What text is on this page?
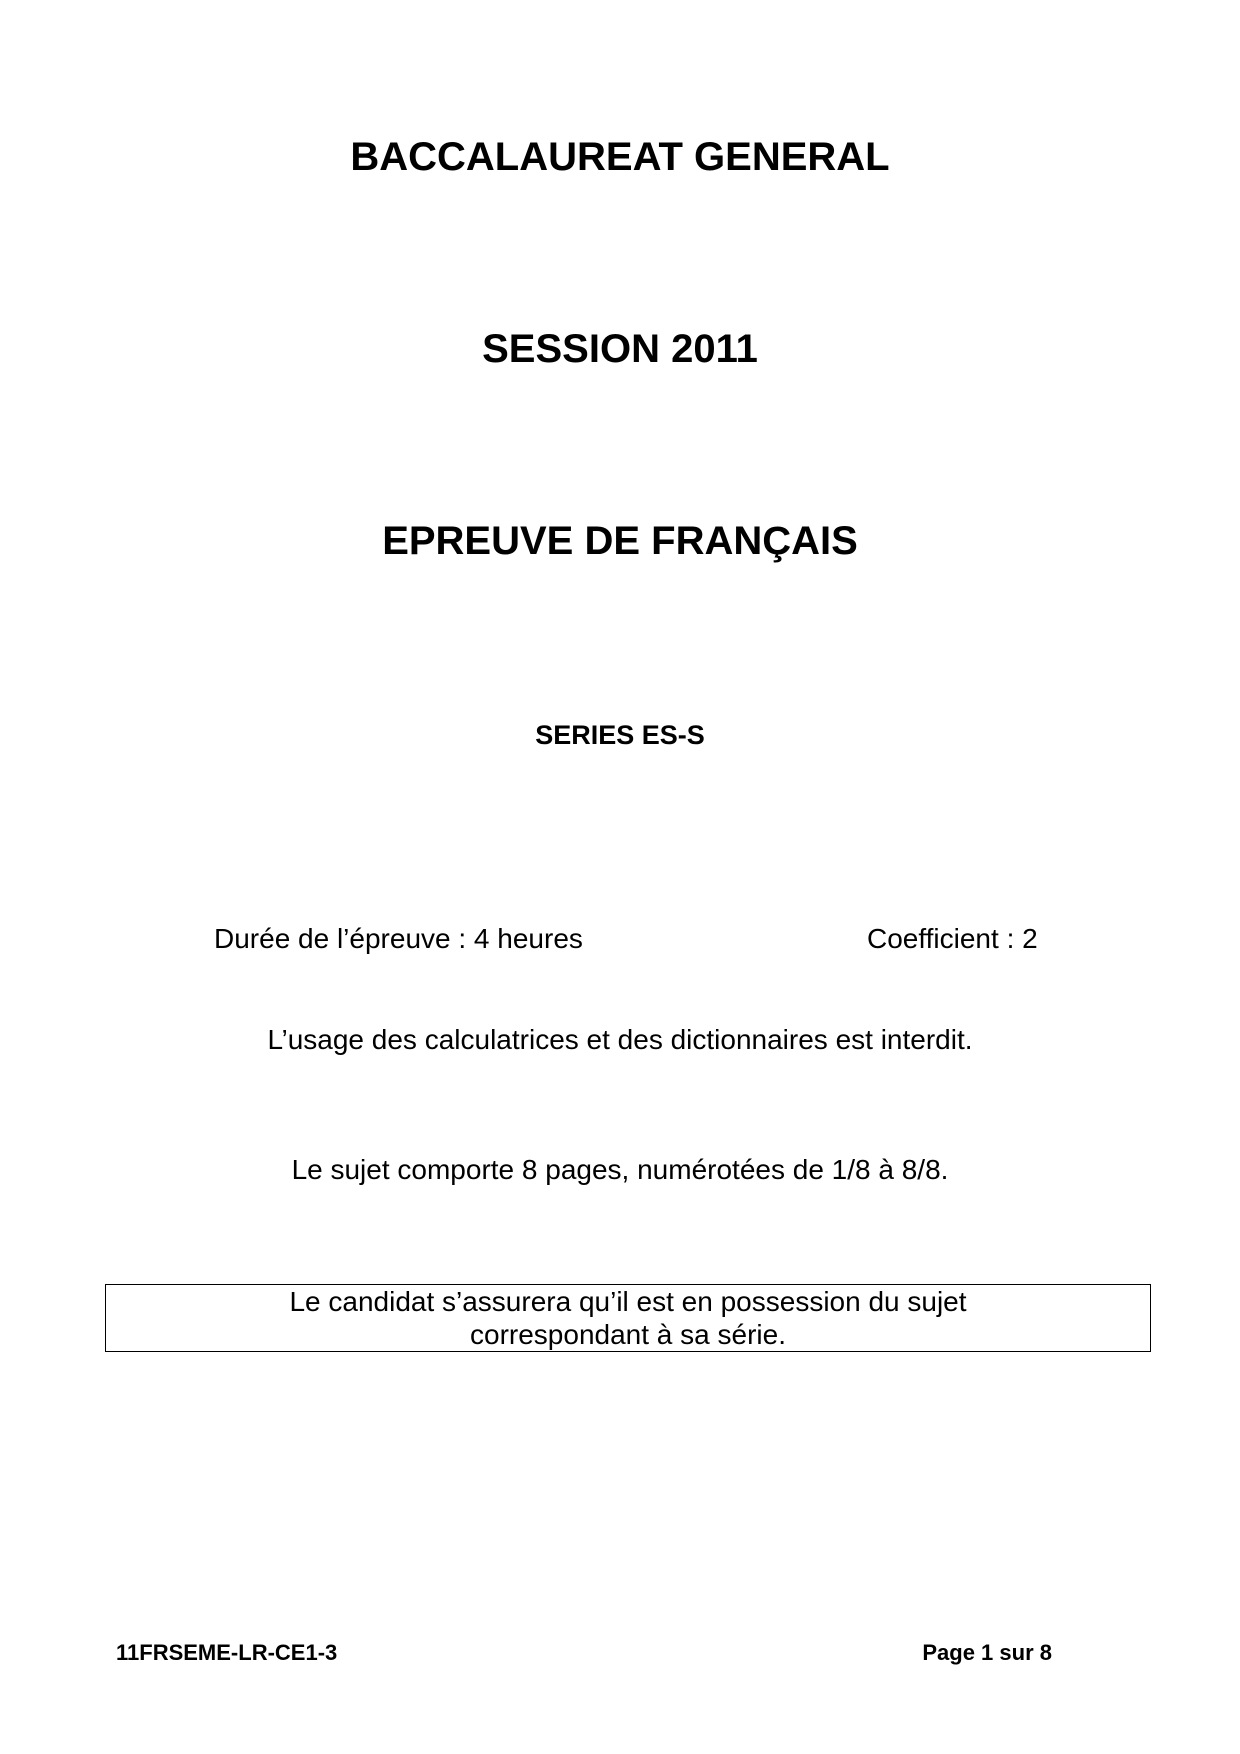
BACCALAUREAT GENERAL
SESSION 2011
EPREUVE DE FRANÇAIS
SERIES ES-S
Durée de l’épreuve : 4 heures	Coefficient : 2
L’usage des calculatrices et des dictionnaires est interdit.
Le sujet comporte 8 pages, numérotées de 1/8 à 8/8.
Le candidat s’assurera qu’il est en possession du sujet
correspondant à sa série.
11FRSEME-LR-CE1-3	Page 1 sur 8
